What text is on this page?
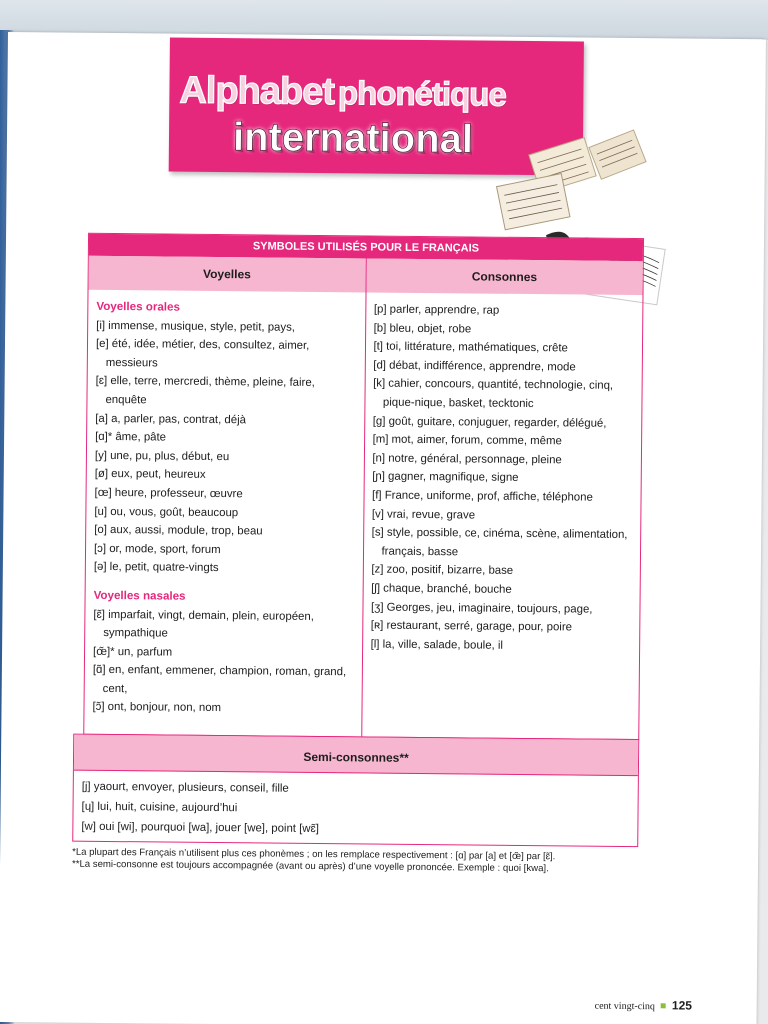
Alphabet phonétique
international
SYMBOLES UTILISÉS POUR LE FRANÇAIS
Voyelles	Consonnes
Voyelles orales
[i] immense, musique, style, petit, pays,
[e] été, idée, métier, des, consultez, aimer, messieurs
[ɛ] elle, terre, mercredi, thème, pleine, faire, enquête
[a] a, parler, pas, contrat, déjà
[ɑ]* âme, pâte
[y] une, pu, plus, début, eu
[ø] eux, peut, heureux
[œ] heure, professeur, œuvre
[u] ou, vous, goût, beaucoup
[o] aux, aussi, module, trop, beau
[ɔ] or, mode, sport, forum
[ə] le, petit, quatre-vingts
Voyelles nasales
[ɛ̃] imparfait, vingt, demain, plein, européen, sympathique
[œ̃]* un, parfum
[ɑ̃] en, enfant, emmener, champion, roman, grand, cent,
[ɔ̃] ont, bonjour, non, nom
[p] parler, apprendre, rap
[b] bleu, objet, robe
[t] toi, littérature, mathématiques, crête
[d] débat, indifférence, apprendre, mode
[k] cahier, concours, quantité, technologie, cinq, pique-nique, basket, tecktonic
[g] goût, guitare, conjuguer, regarder, délégué,
[m] mot, aimer, forum, comme, même
[n] notre, général, personnage, pleine
[ɲ] gagner, magnifique, signe
[f] France, uniforme, prof, affiche, téléphone
[v] vrai, revue, grave
[s] style, possible, ce, cinéma, scène, alimentation, français, basse
[z] zoo, positif, bizarre, base
[ʃ] chaque, branché, bouche
[ʒ] Georges, jeu, imaginaire, toujours, page,
[ʀ] restaurant, serré, garage, pour, poire
[l] la, ville, salade, boule, il
Semi-consonnes**
[j] yaourt, envoyer, plusieurs, conseil, fille
[ɥ] lui, huit, cuisine, aujourd’hui
[w] oui [wi], pourquoi [wa], jouer [we], point [wɛ̃]
*La plupart des Français n’utilisent plus ces phonèmes ; on les remplace respectivement : [ɑ] par [a] et [œ̃] par [ɛ̃].
**La semi-consonne est toujours accompagnée (avant ou après) d’une voyelle prononcée. Exemple : quoi [kwa].
cent vingt-cinq 125
